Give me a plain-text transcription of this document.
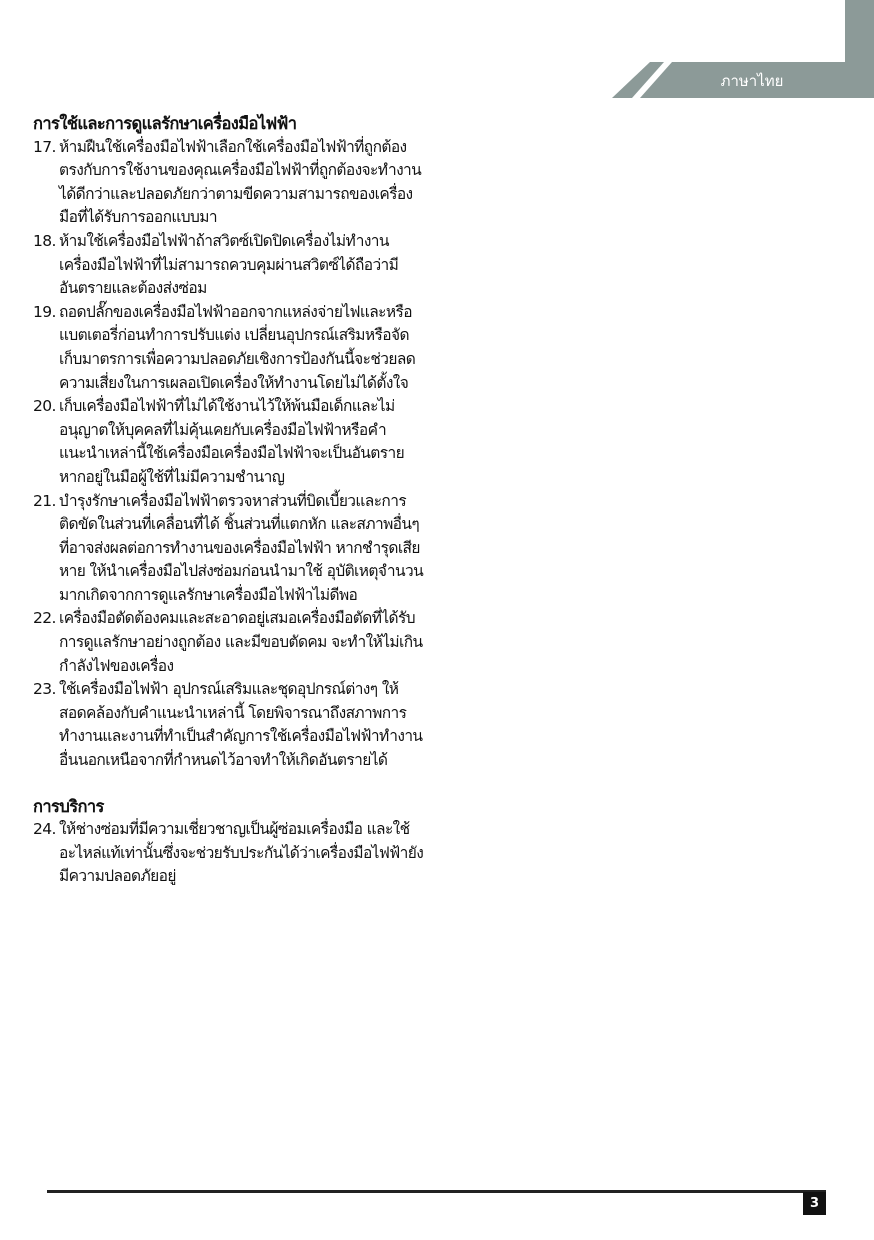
ภาษาไทย
การใช้และการดูแลรักษาเครื่องมือไฟฟ้า
17. ห้ามฝืนใช้เครื่องมือไฟฟ้าเลือกใช้เครื่องมือไฟฟ้าที่ถูกต้องตรงกับการใช้งานของคุณเครื่องมือไฟฟ้าที่ถูกต้องจะทำงานได้ดีกว่าและปลอดภัยกว่าตามขีดความสามารถของเครื่องมือที่ได้รับการออกแบบมา
18. ห้ามใช้เครื่องมือไฟฟ้าถ้าสวิตซ์เปิดปิดเครื่องไม่ทำงาน เครื่องมือไฟฟ้าที่ไม่สามารถควบคุมผ่านสวิตซ์ได้ถือว่ามีอันตรายและต้องส่งซ่อม
19. ถอดปลั๊กของเครื่องมือไฟฟ้าออกจากแหล่งจ่ายไฟและหรือแบตเตอรี่ก่อนทำการปรับแต่ง เปลี่ยนอุปกรณ์เสริมหรือจัดเก็บมาตรการเพื่อความปลอดภัยเชิงการป้องกันนี้จะช่วยลดความเสี่ยงในการเผลอเปิดเครื่องให้ทำงานโดยไม่ได้ตั้งใจ
20. เก็บเครื่องมือไฟฟ้าที่ไม่ได้ใช้งานไว้ให้พ้นมือเด็กและไม่อนุญาตให้บุคคลที่ไม่คุ้นเคยกับเครื่องมือไฟฟ้าหรือคำแนะนำเหล่านี้ใช้เครื่องมือเครื่องมือไฟฟ้าจะเป็นอันตรายหากอยู่ในมือผู้ใช้ที่ไม่มีความชำนาญ
21. บำรุงรักษาเครื่องมือไฟฟ้าตรวจหาส่วนที่บิดเบี้ยวและการติดขัดในส่วนที่เคลื่อนที่ได้ ชิ้นส่วนที่แตกหัก และสภาพอื่นๆ ที่อาจส่งผลต่อการทำงานของเครื่องมือไฟฟ้า หากชำรุดเสียหาย ให้นำเครื่องมือไปส่งซ่อมก่อนนำมาใช้ อุบัติเหตุจำนวนมากเกิดจากการดูแลรักษาเครื่องมือไฟฟ้าไม่ดีพอ
22. เครื่องมือตัดต้องคมและสะอาดอยู่เสมอเครื่องมือตัดที่ได้รับการดูแลรักษาอย่างถูกต้อง และมีขอบตัดคม จะทำให้ไม่เกินกำลังไฟของเครื่อง
23. ใช้เครื่องมือไฟฟ้า อุปกรณ์เสริมและชุดอุปกรณ์ต่างๆ ให้สอดคล้องกับคำแนะนำเหล่านี้ โดยพิจารณาถึงสภาพการทำงานและงานที่ทำเป็นสำคัญการใช้เครื่องมือไฟฟ้าทำงานอื่นนอกเหนือจากที่กำหนดไว้อาจทำให้เกิดอันตรายได้
การบริการ
24. ให้ช่างซ่อมที่มีความเชี่ยวชาญเป็นผู้ซ่อมเครื่องมือ และใช้อะไหล่แท้เท่านั้นซึ่งจะช่วยรับประกันได้ว่าเครื่องมือไฟฟ้ายังมีความปลอดภัยอยู่
3
